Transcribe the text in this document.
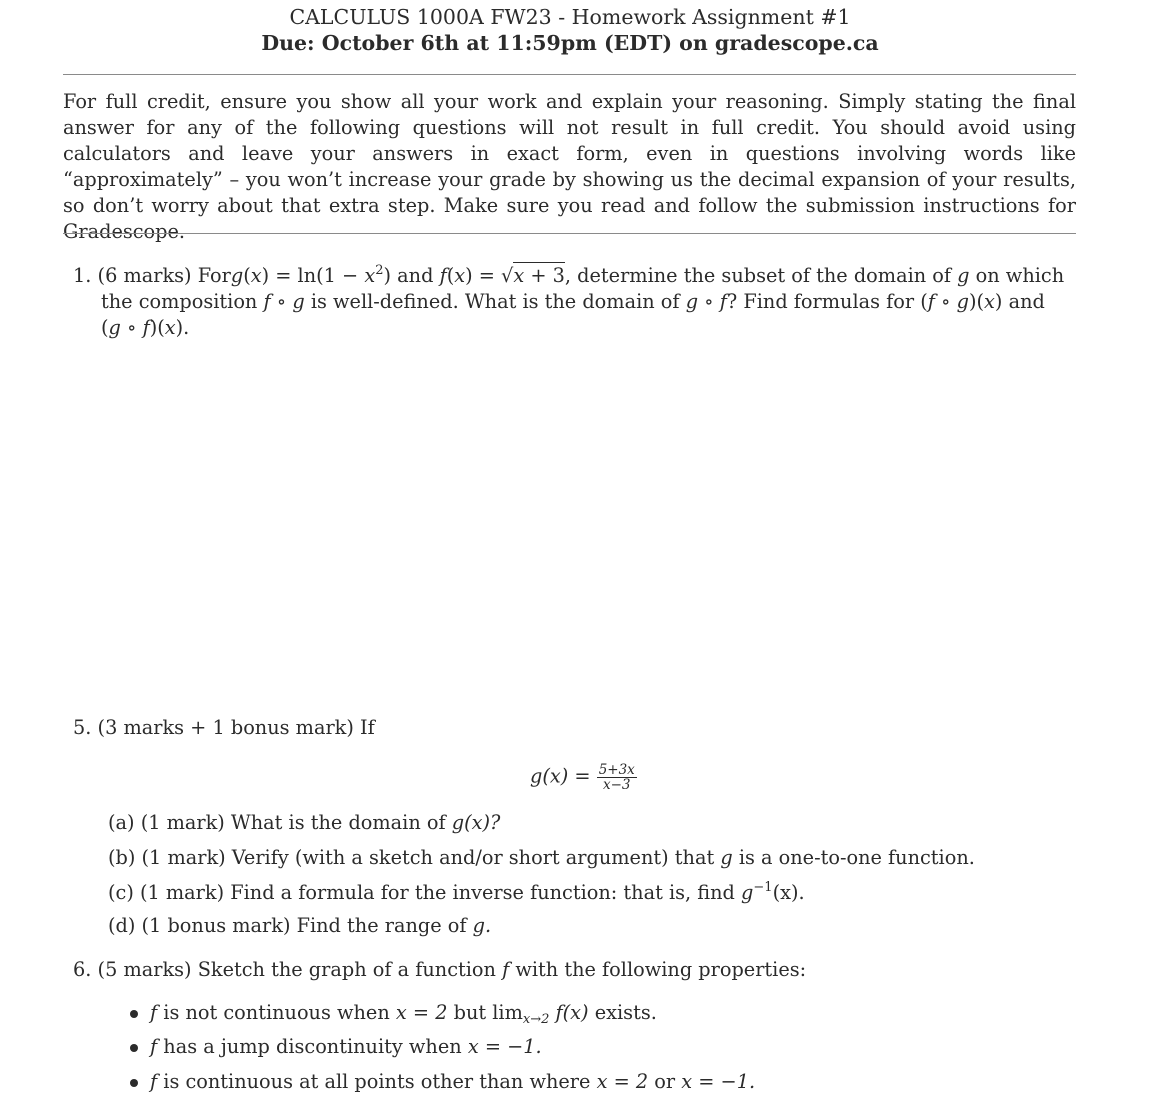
CALCULUS 1000A FW23 - Homework Assignment #1
Due: October 6th at 11:59pm (EDT) on gradescope.ca
For full credit, ensure you show all your work and explain your reasoning. Simply stating the final answer for any of the following questions will not result in full credit. You should avoid using calculators and leave your answers in exact form, even in questions involving words like “approximately” – you won’t increase your grade by showing us the decimal expansion of your results, so don’t worry about that extra step. Make sure you read and follow the submission instructions for Gradescope.
1. (6 marks) Forg(x) = $\ln(1 - x^2)$ and f(x) = √x + 3, determine the subset of the domain of g on which
the composition f ∘ g is well-defined. What is the domain of g ∘ f? Find formulas for (f ∘ g)(x) and
(g ∘ f)(x).
5. (3 marks + 1 bonus mark) If
$g(x) = \frac{5+3x}{x-3}$
(a) (1 mark) What is the domain of g(x)?
(b) (1 mark) Verify (with a sketch and/or short argument) that g is a one-to-one function.
(c) (1 mark) Find a formula for the inverse function: that is, find $g^{-1}(x)$.
(d) (1 bonus mark) Find the range of g.
6. (5 marks) Sketch the graph of a function f with the following properties:
f is not continuous when x = 2 but $\lim_{x\to 2} f(x)$ exists.
f has a jump discontinuity when x = −1.
f is continuous at all points other than where x = 2 or x = −1.
